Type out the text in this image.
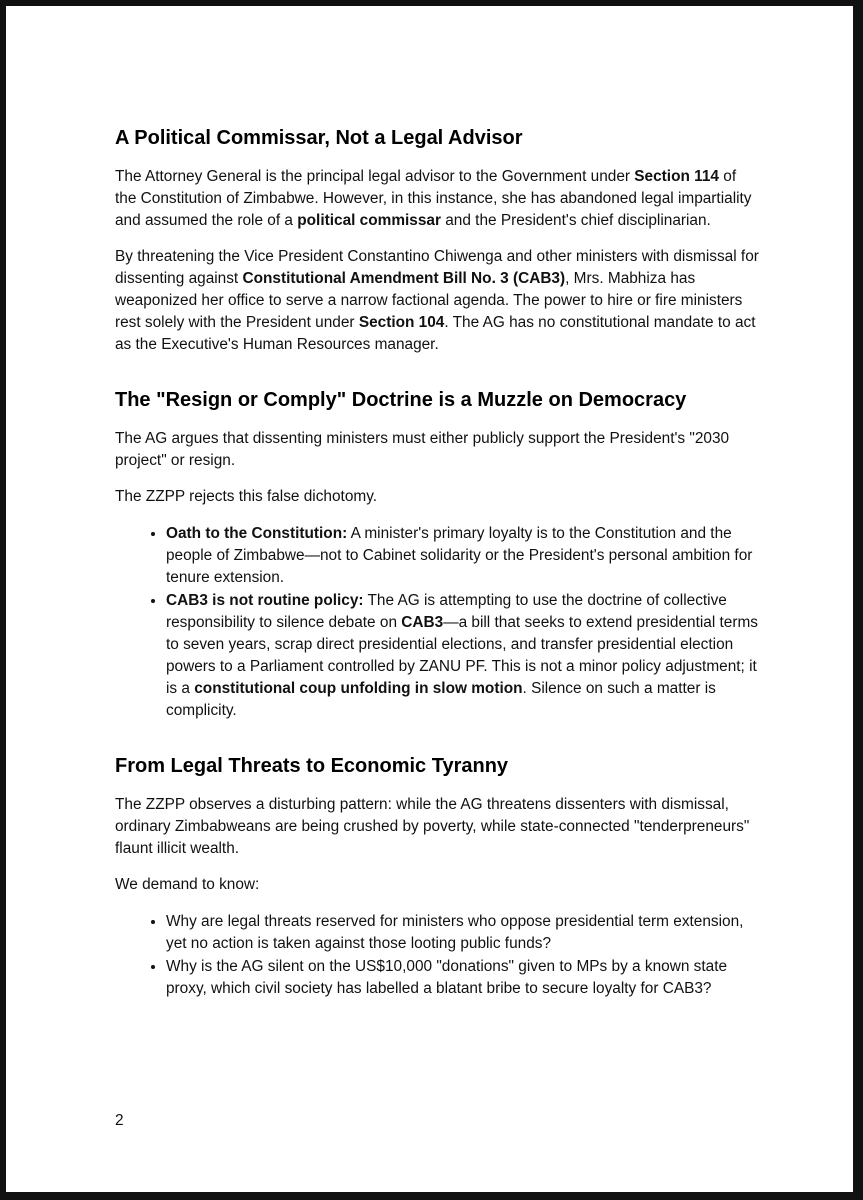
A Political Commissar, Not a Legal Advisor

The Attorney General is the principal legal advisor to the Government under Section 114 of the Constitution of Zimbabwe. However, in this instance, she has abandoned legal impartiality and assumed the role of a political commissar and the President's chief disciplinarian.

By threatening the Vice President Constantino Chiwenga and other ministers with dismissal for dissenting against Constitutional Amendment Bill No. 3 (CAB3), Mrs. Mabhiza has weaponized her office to serve a narrow factional agenda. The power to hire or fire ministers rest solely with the President under Section 104. The AG has no constitutional mandate to act as the Executive's Human Resources manager.

The "Resign or Comply" Doctrine is a Muzzle on Democracy

The AG argues that dissenting ministers must either publicly support the President's "2030 project" or resign.

The ZZPP rejects this false dichotomy.

• Oath to the Constitution: A minister's primary loyalty is to the Constitution and the people of Zimbabwe—not to Cabinet solidarity or the President's personal ambition for tenure extension.
• CAB3 is not routine policy: The AG is attempting to use the doctrine of collective responsibility to silence debate on CAB3—a bill that seeks to extend presidential terms to seven years, scrap direct presidential elections, and transfer presidential election powers to a Parliament controlled by ZANU PF. This is not a minor policy adjustment; it is a constitutional coup unfolding in slow motion. Silence on such a matter is complicity.
From Legal Threats to Economic Tyranny

The ZZPP observes a disturbing pattern: while the AG threatens dissenters with dismissal, ordinary Zimbabweans are being crushed by poverty, while state-connected "tenderpreneurs" flaunt illicit wealth.

We demand to know:

• Why are legal threats reserved for ministers who oppose presidential term extension, yet no action is taken against those looting public funds?
• Why is the AG silent on the US$10,000 "donations" given to MPs by a known state proxy, which civil society has labelled a blatant bribe to secure loyalty for CAB3?
2
